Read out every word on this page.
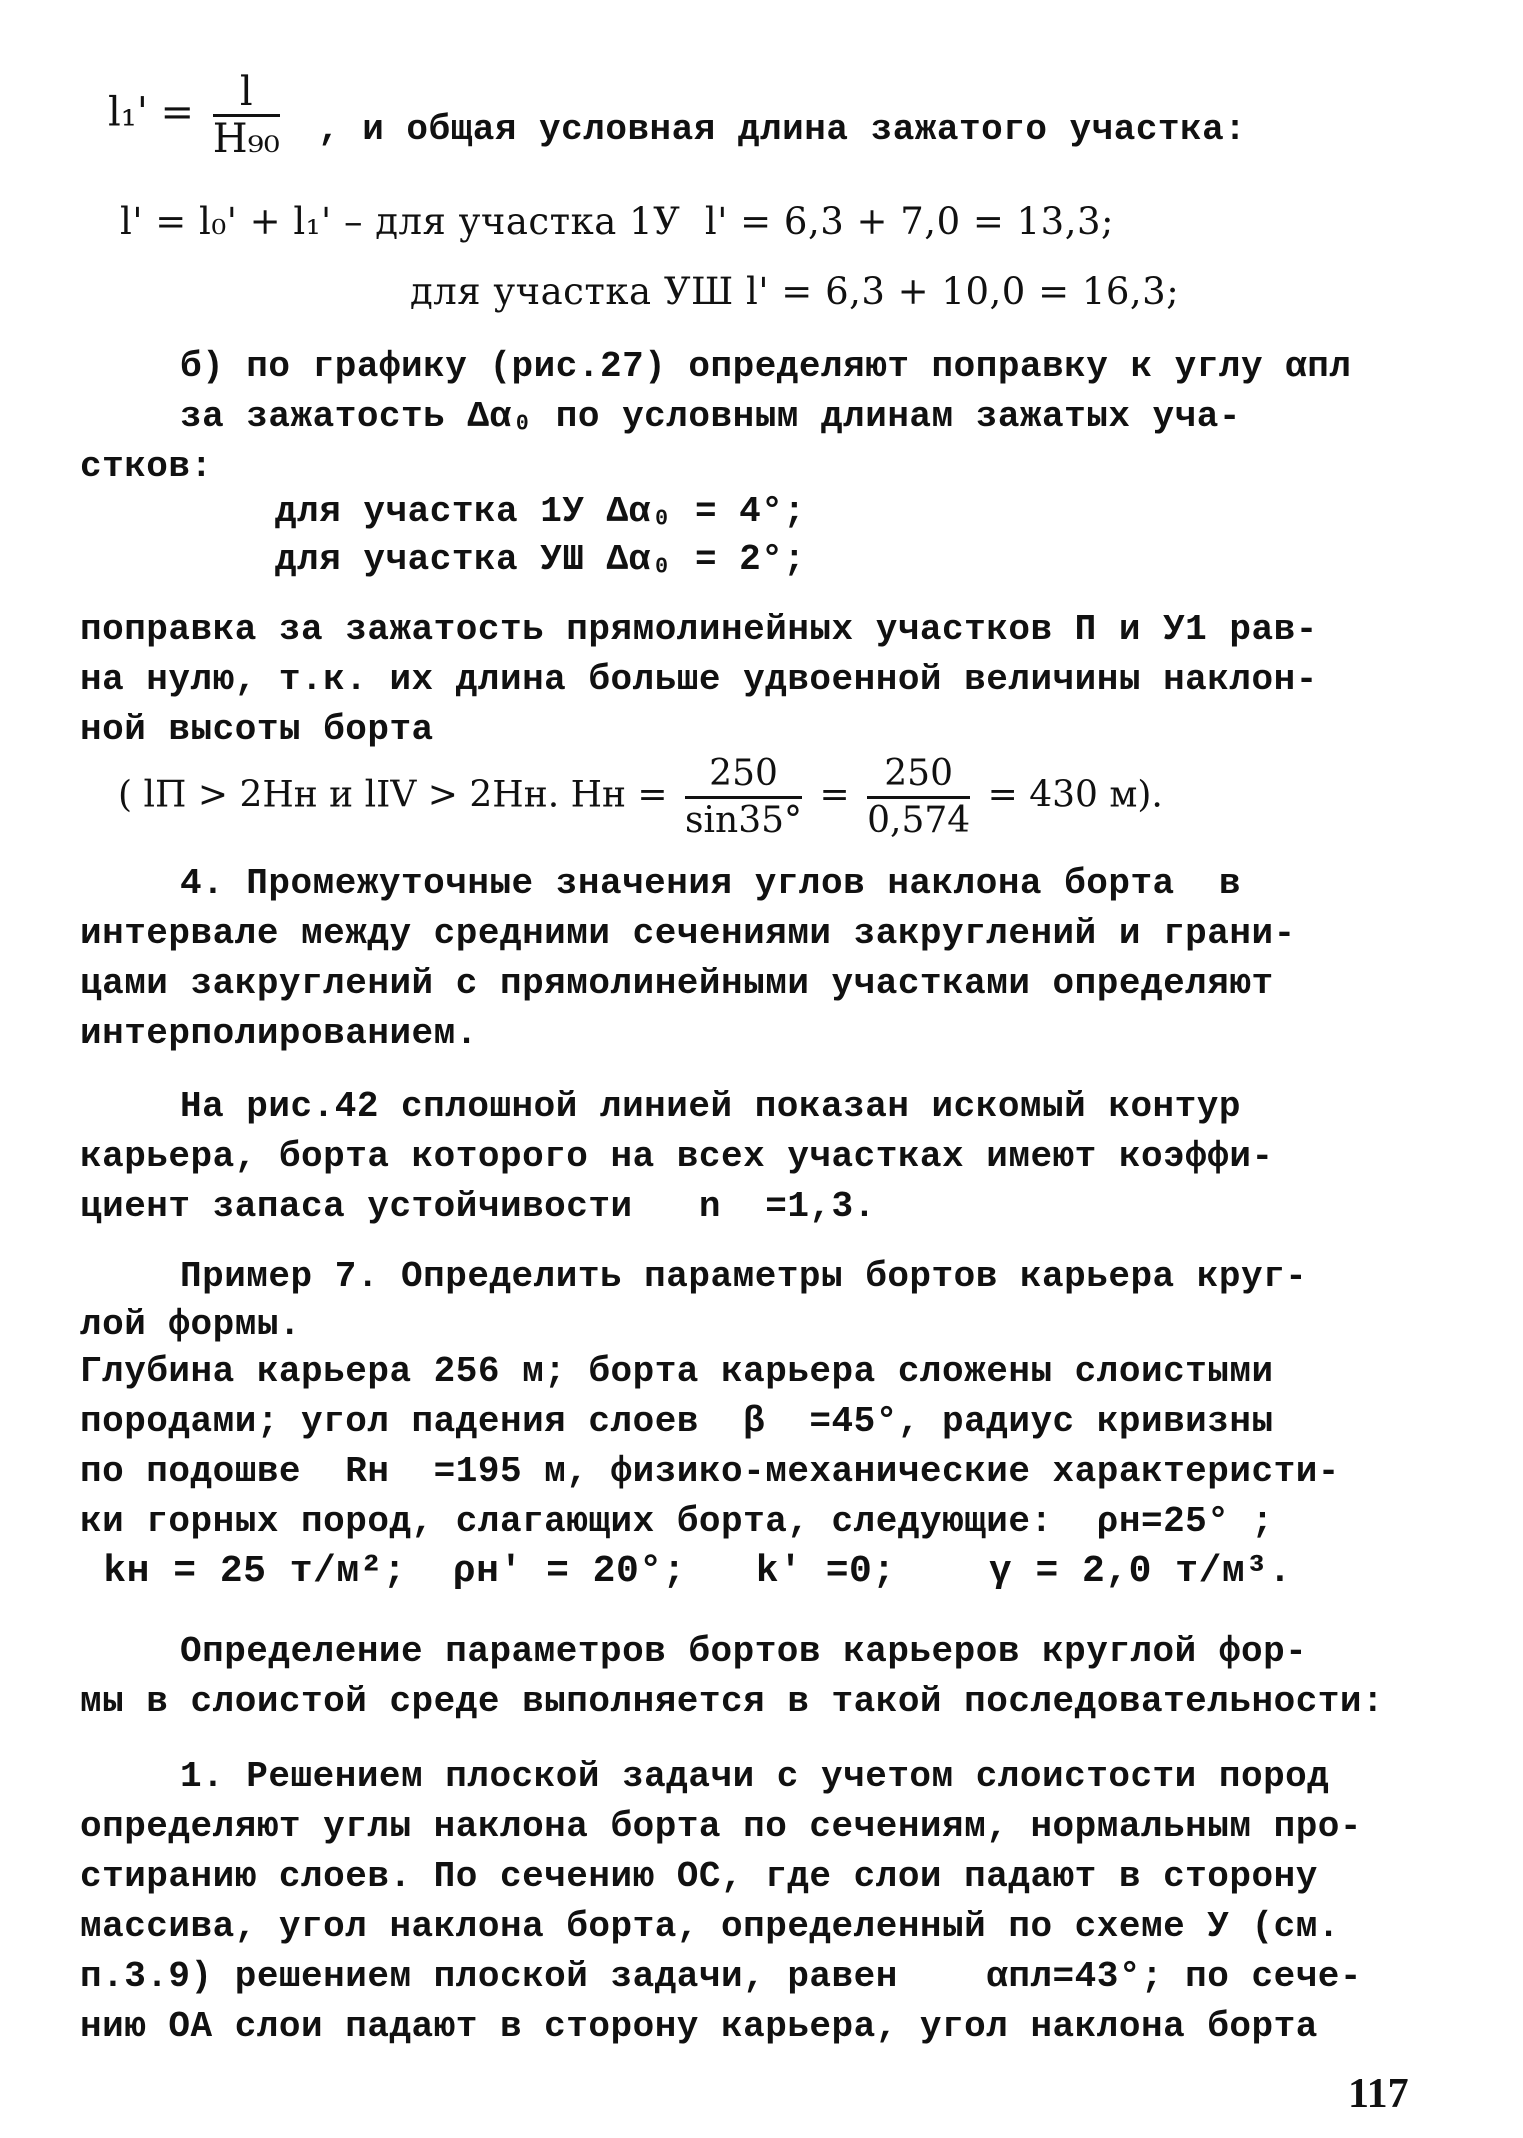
$l_1' = \frac{l}{\text{H₉₀}}$ , и общая условная длина зажатого участка:
l' = l₀' + l₁' – для участка 1У  l' = 6,3 + 7,0 = 13,3;
для участка УШ l' = 6,3 + 10,0 = 16,3;
б) по графику (рис.27) определяют поправку к углу αпл
за зажатость Δα₀ по условным длинам зажатых уча-
стков:
для участка 1У Δα₀ = 4°;
для участка УШ Δα₀ = 2°;
поправка за зажатость прямолинейных участков П и У1 рав-
на нулю, т.к. их длина больше удвоенной величины наклон-
ной высоты борта
( lП > 2Hн и lIV > 2Hн. Hн = $\frac{250}{\sin 35^\circ} = \frac{250}{0,574} = 430$ м).
4. Промежуточные значения углов наклона борта  в
интервале между средними сечениями закруглений и грани-
цами закруглений с прямолинейными участками определяют
интерполированием.
На рис.42 сплошной линией показан искомый контур
карьера, борта которого на всех участках имеют коэффи-
циент запаса устойчивости   n  =1,3.
Пример 7. Определить параметры бортов карьера круг-
лой формы.
Глубина карьера 256 м; борта карьера сложены слоистыми
породами; угол падения слоев  β  =45°, радиус кривизны
по подошве  Rн  =195 м, физико-механические характеристи-
ки горных пород, слагающих борта, следующие:  ρн=25° ;
kн = 25 т/м²;  ρн' = 20°;   k' =0;    γ = 2,0 т/м³.
Определение параметров бортов карьеров круглой фор-
мы в слоистой среде выполняется в такой последовательности:
1. Решением плоской задачи с учетом слоистости пород
определяют углы наклона борта по сечениям, нормальным про-
стиранию слоев. По сечению ОС, где слои падают в сторону
массива, угол наклона борта, определенный по схеме У (см.
п.3.9) решением плоской задачи, равен    αпл=43°; по сече-
нию ОА слои падают в сторону карьера, угол наклона борта
117
